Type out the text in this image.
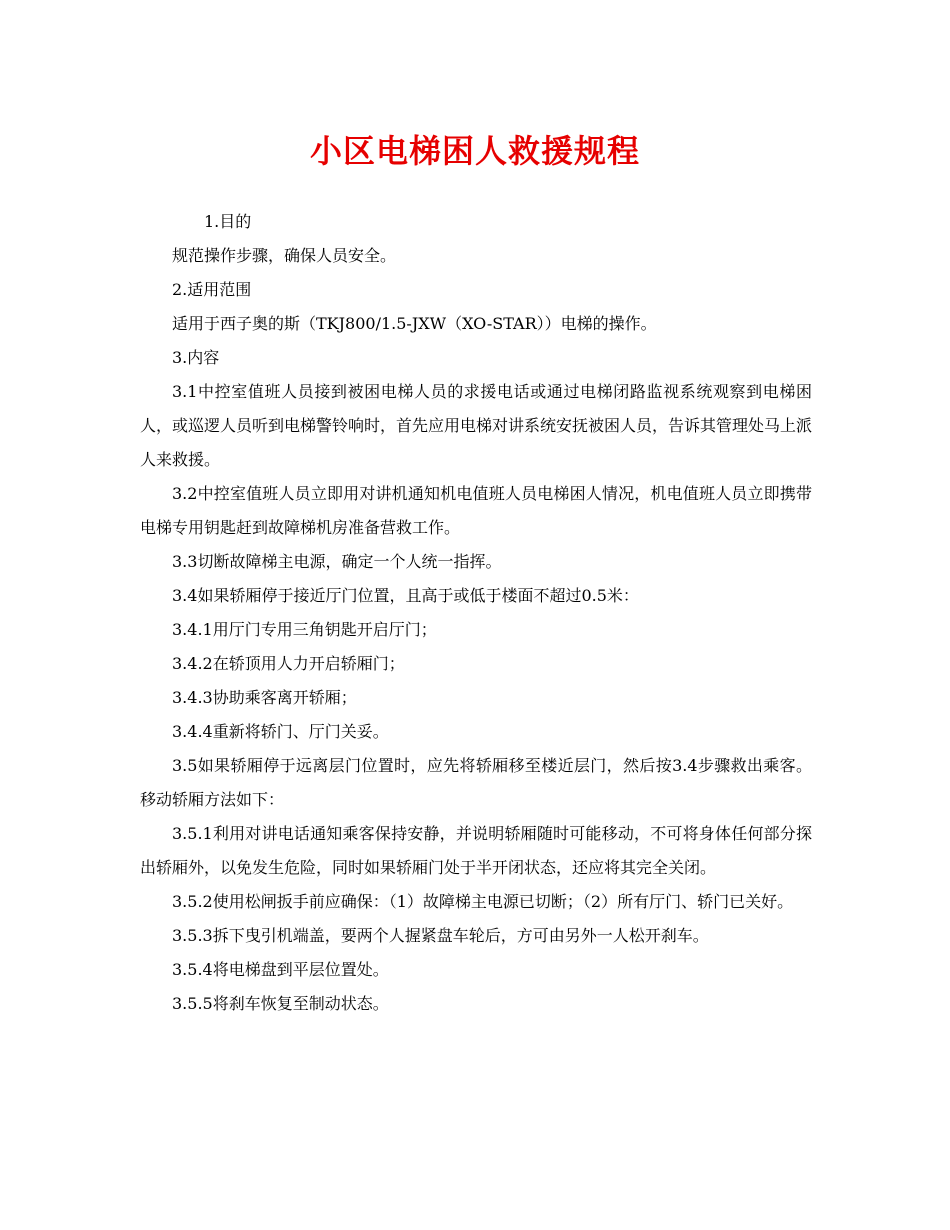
小区电梯困人救援规程

1.目的

规范操作步骤，确保人员安全。

2.适用范围

适用于西子奥的斯（TKJ800/1.5-JXW（XO-STAR））电梯的操作。

3.内容

3.1中控室值班人员接到被困电梯人员的求援电话或通过电梯闭路监视系统观察到电梯困人，或巡逻人员听到电梯警铃响时，首先应用电梯对讲系统安抚被困人员，告诉其管理处马上派人来救援。

3.2中控室值班人员立即用对讲机通知机电值班人员电梯困人情况，机电值班人员立即携带电梯专用钥匙赶到故障梯机房准备营救工作。

3.3切断故障梯主电源，确定一个人统一指挥。

3.4如果轿厢停于接近厅门位置，且高于或低于楼面不超过0.5米：

3.4.1用厅门专用三角钥匙开启厅门；

3.4.2在轿顶用人力开启轿厢门；

3.4.3协助乘客离开轿厢；

3.4.4重新将轿门、厅门关妥。

3.5如果轿厢停于远离层门位置时，应先将轿厢移至楼近层门，然后按3.4步骤救出乘客。移动轿厢方法如下：

3.5.1利用对讲电话通知乘客保持安静，并说明轿厢随时可能移动，不可将身体任何部分探出轿厢外，以免发生危险，同时如果轿厢门处于半开闭状态，还应将其完全关闭。

3.5.2使用松闸扳手前应确保：（1）故障梯主电源已切断；（2）所有厅门、轿门已关好。

3.5.3拆下曳引机端盖，要两个人握紧盘车轮后，方可由另外一人松开刹车。

3.5.4将电梯盘到平层位置处。

3.5.5将刹车恢复至制动状态。
